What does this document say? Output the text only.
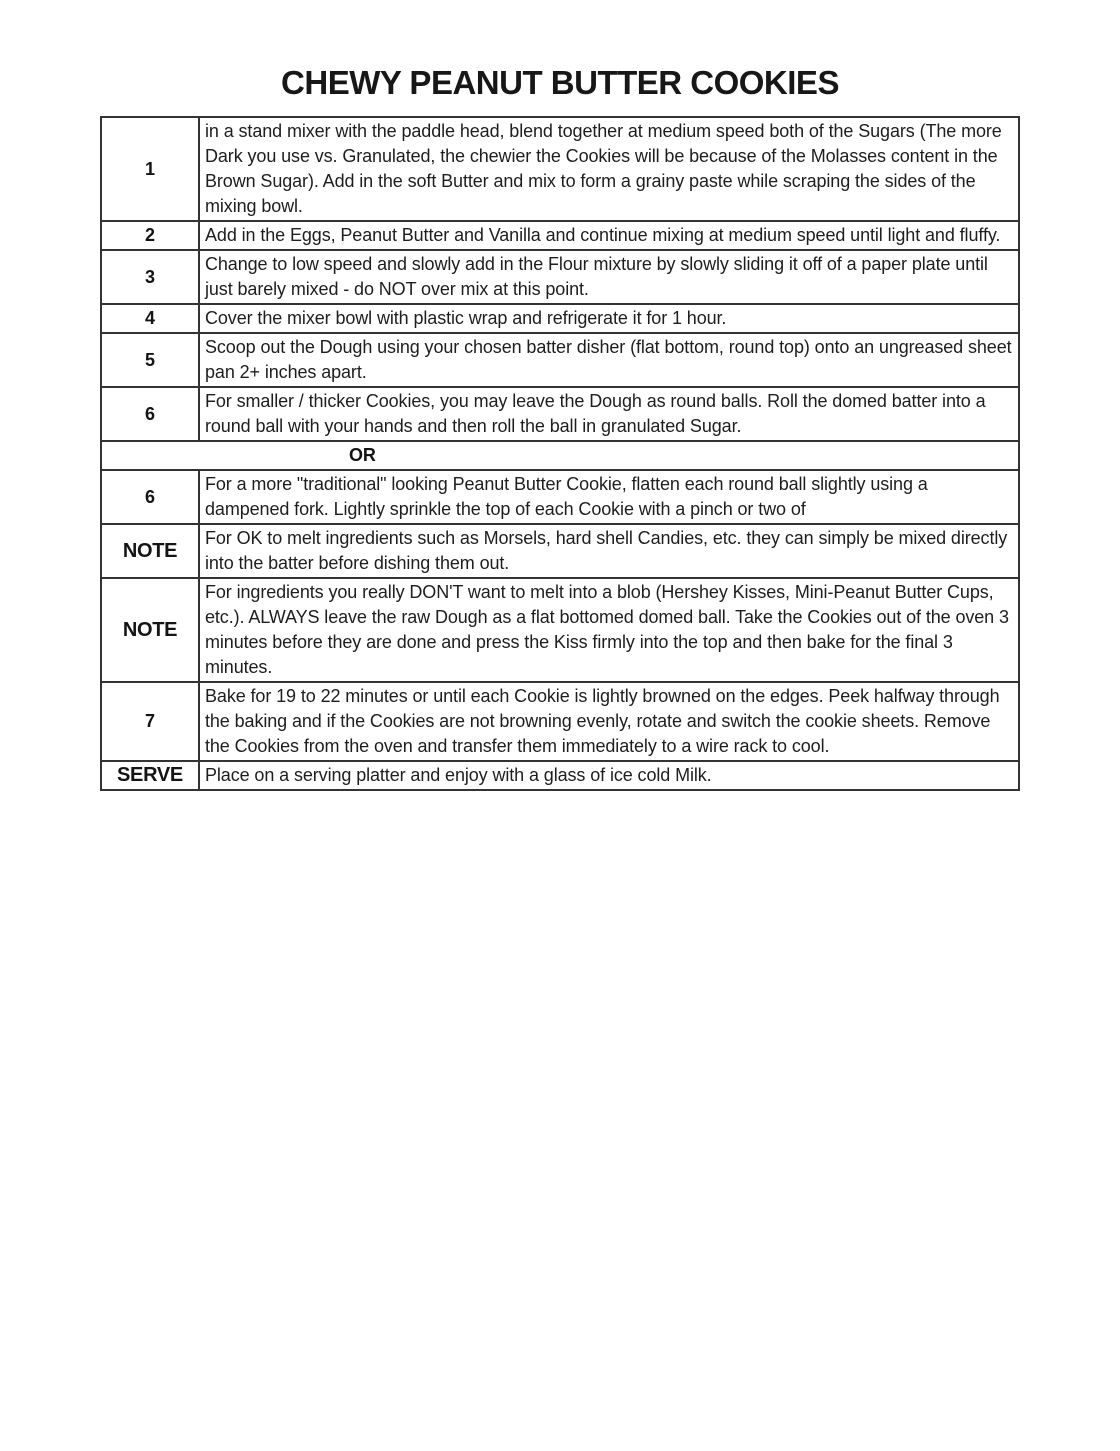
CHEWY PEANUT BUTTER COOKIES
1	in a stand mixer with the paddle head, blend together at medium speed both of the Sugars (The more Dark you use vs. Granulated, the chewier the Cookies will be because of the Molasses content in the Brown Sugar). Add in the soft Butter and mix to form a grainy paste while scraping the sides of the mixing bowl.
2	Add in the Eggs, Peanut Butter and Vanilla and continue mixing at medium speed until light and fluffy.
3	Change to low speed and slowly add in the Flour mixture by slowly sliding it off of a paper plate until just barely mixed - do NOT over mix at this point.
4	Cover the mixer bowl with plastic wrap and refrigerate it for 1 hour.
5	Scoop out the Dough using your chosen batter disher (flat bottom, round top) onto an ungreased sheet pan 2+ inches apart.
6	For smaller / thicker Cookies, you may leave the Dough as round balls. Roll the domed batter into a round ball with your hands and then roll the ball in granulated Sugar.
OR	
6	For a more "traditional" looking Peanut Butter Cookie, flatten each round ball slightly using a dampened fork. Lightly sprinkle the top of each Cookie with a pinch or two of
NOTE	For OK to melt ingredients such as Morsels, hard shell Candies, etc. they can simply be mixed directly into the batter before dishing them out.
NOTE	For ingredients you really DON'T want to melt into a blob (Hershey Kisses, Mini-Peanut Butter Cups, etc.). ALWAYS leave the raw Dough as a flat bottomed domed ball. Take the Cookies out of the oven 3 minutes before they are done and press the Kiss firmly into the top and then bake for the final 3 minutes.
7	Bake for 19 to 22 minutes or until each Cookie is lightly browned on the edges. Peek halfway through the baking and if the Cookies are not browning evenly, rotate and switch the cookie sheets. Remove the Cookies from the oven and transfer them immediately to a wire rack to cool.
SERVE	Place on a serving platter and enjoy with a glass of ice cold Milk.
